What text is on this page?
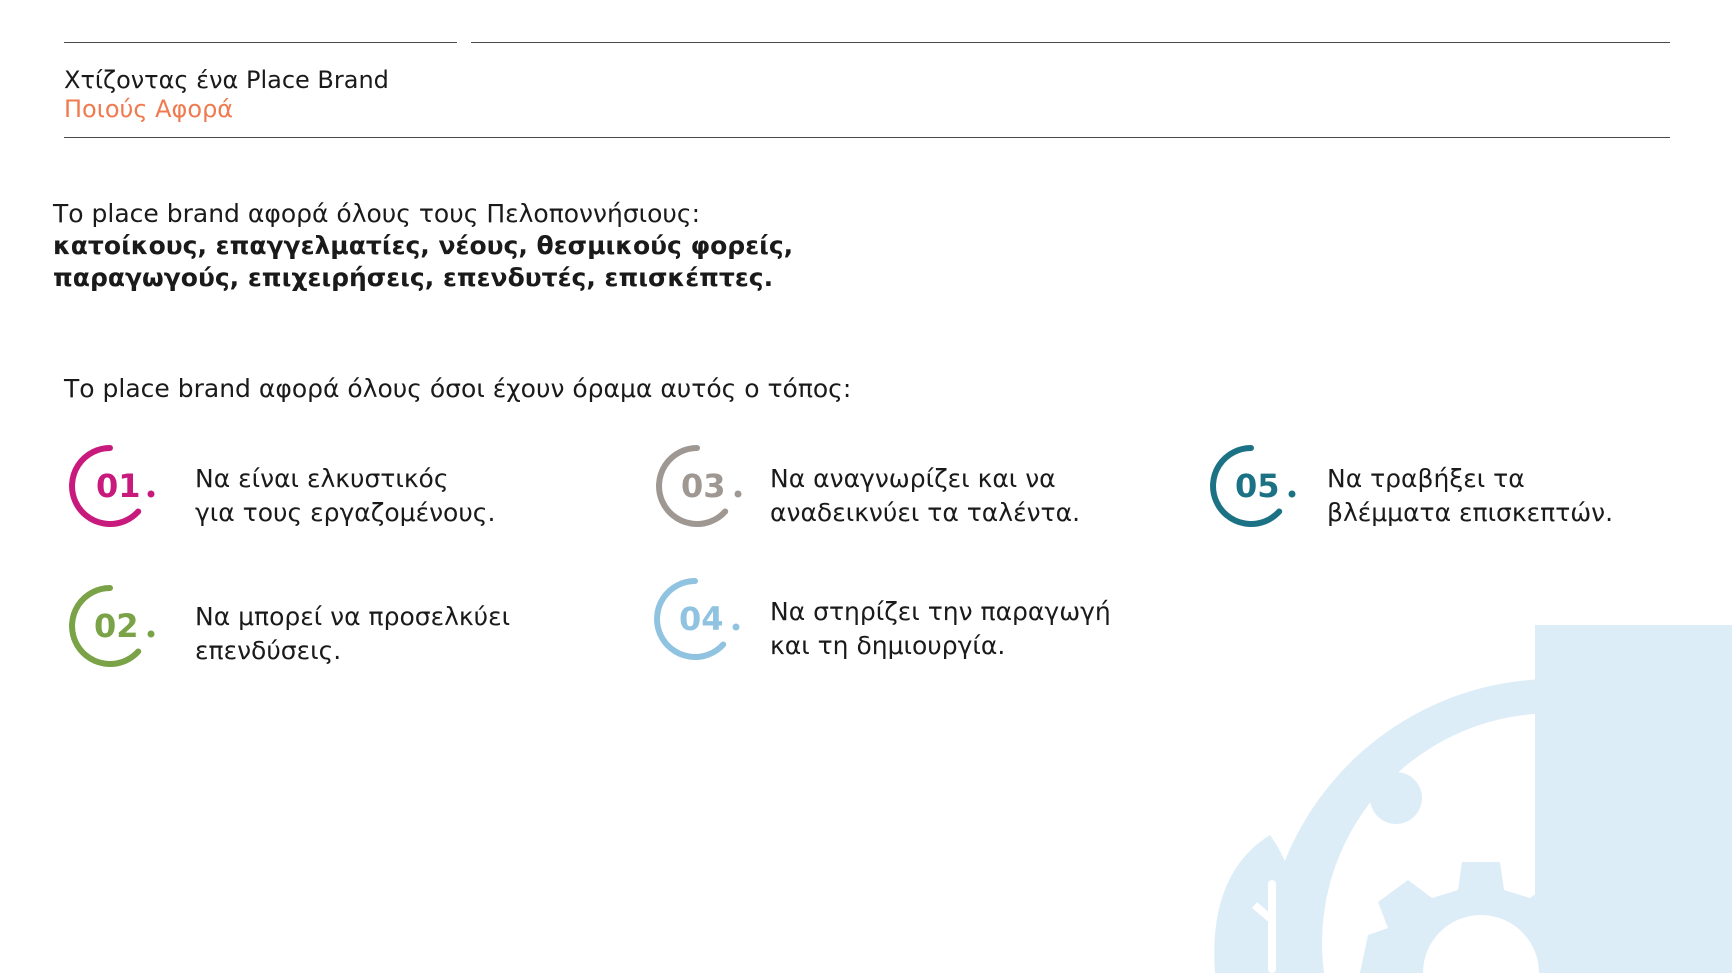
Χτίζοντας ένα Place Brand
Ποιούς Αφορά
Το place brand αφορά όλους τους Πελοποννήσιους:
κατοίκους, επαγγελματίες, νέους, θεσμικούς φορείς,
παραγωγούς, επιχειρήσεις, επενδυτές, επισκέπτες.
Το place brand αφορά όλους όσοι έχουν όραμα αυτός ο τόπος:
01 Να είναι ελκυστικός
για τους εργαζομένους.
02 Να μπορεί να προσελκύει
επενδύσεις.
03 Να αναγνωρίζει και να
αναδεικνύει τα ταλέντα.
04 Να στηρίζει την παραγωγή
και τη δημιουργία.
05 Να τραβήξει τα
βλέμματα επισκεπτών.
